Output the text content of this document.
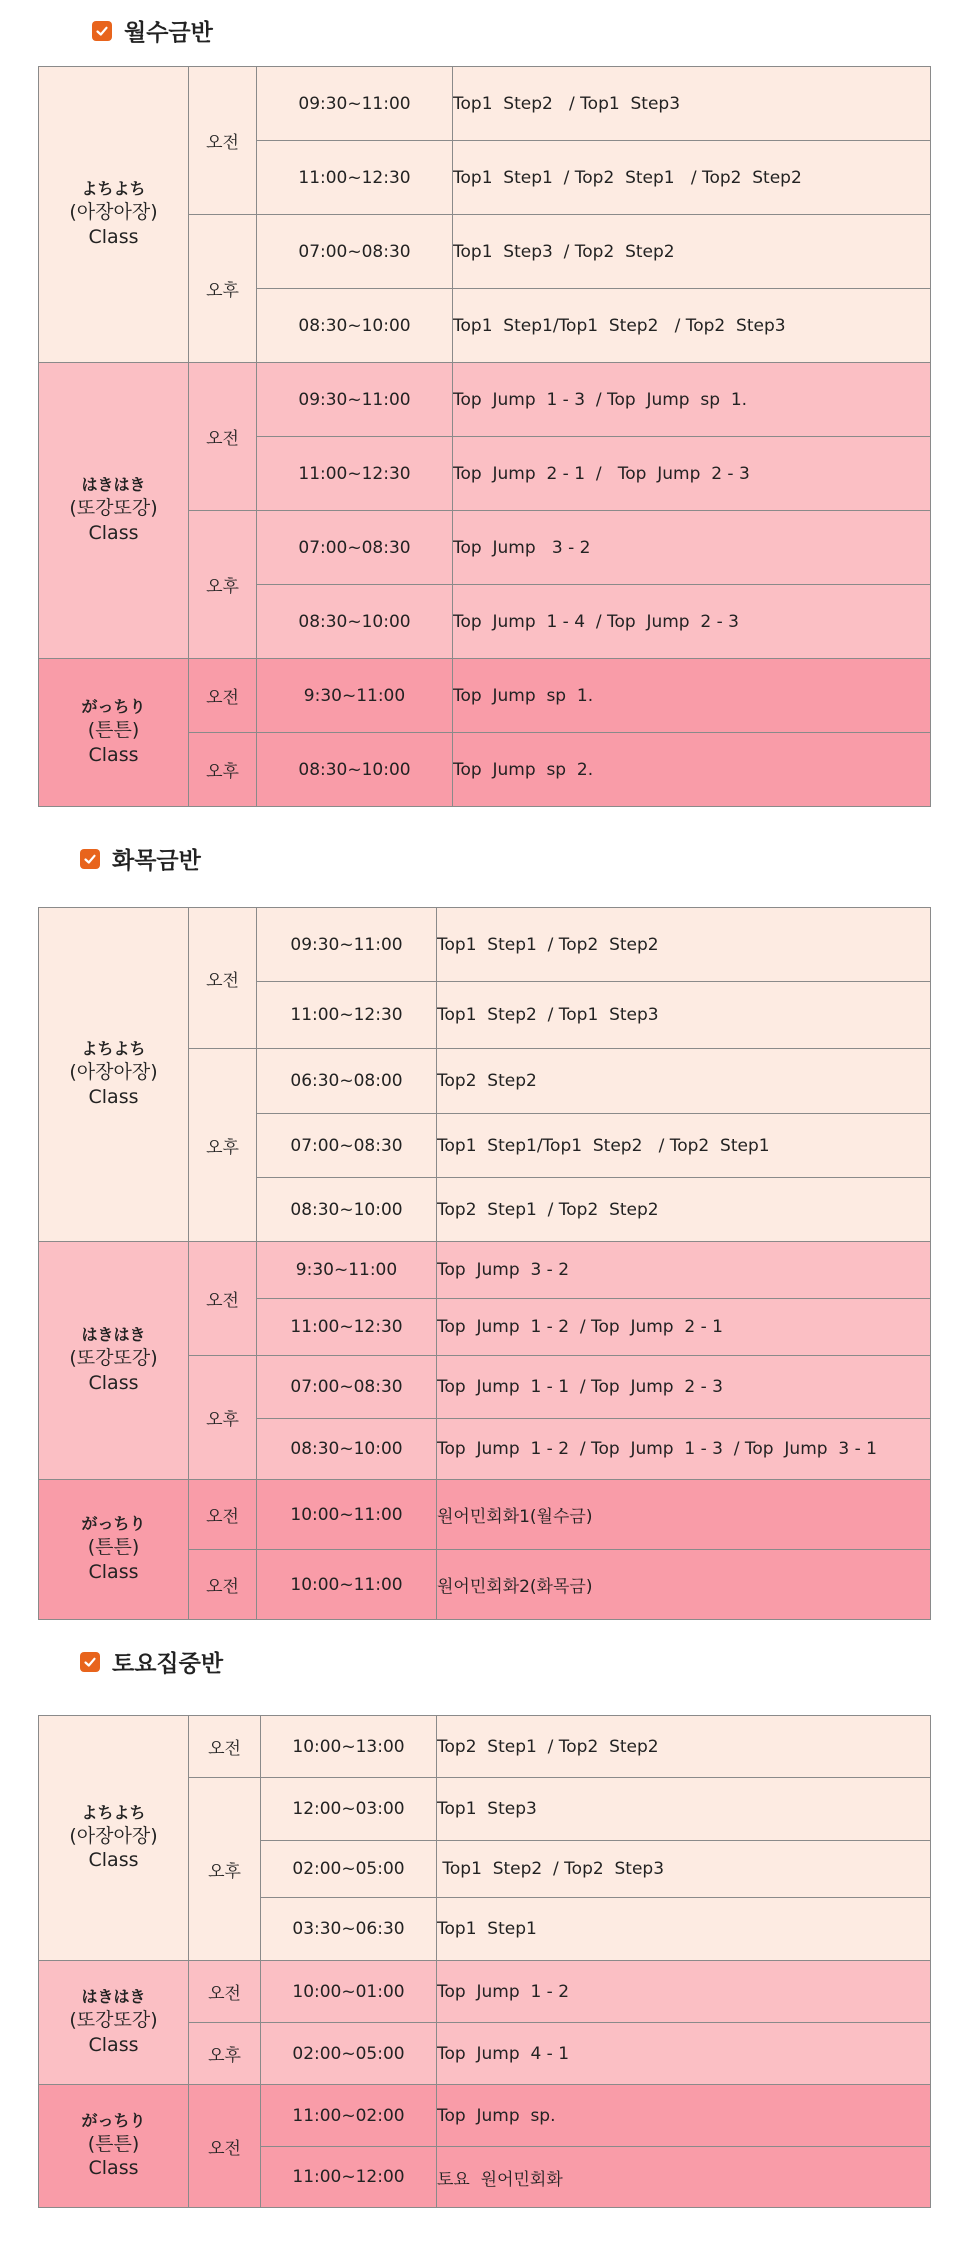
월수금반
よちよち
(아장아장)
Class	오전	09:30~11:00	Top1  Step2   / Top1  Step3
		11:00~12:30	Top1  Step1  / Top2  Step1   / Top2  Step2
	오후	07:00~08:30	Top1  Step3  / Top2  Step2
		08:30~10:00	Top1  Step1/Top1  Step2   / Top2  Step3

はきはき
(또강또강)
Class	오전	09:30~11:00	Top  Jump  1 - 3  / Top  Jump  sp  1.
		11:00~12:30	Top  Jump  2 - 1  /   Top  Jump  2 - 3
	오후	07:00~08:30	Top  Jump   3 - 2
		08:30~10:00	Top  Jump  1 - 4  / Top  Jump  2 - 3

がっちり
(튼튼)
Class	오전	9:30~11:00	Top  Jump  sp  1.
	오후	08:30~10:00	Top  Jump  sp  2.
화목금반
よちよち
(아장아장)
Class	오전	09:30~11:00	Top1  Step1  / Top2  Step2
		11:00~12:30	Top1  Step2  / Top1  Step3
	오후	06:30~08:00	Top2  Step2
		07:00~08:30	Top1  Step1/Top1  Step2   / Top2  Step1
		08:30~10:00	Top2  Step1  / Top2  Step2

はきはき
(또강또강)
Class	오전	9:30~11:00	Top  Jump  3 - 2
		11:00~12:30	Top  Jump  1 - 2  / Top  Jump  2 - 1
	오후	07:00~08:30	Top  Jump  1 - 1  / Top  Jump  2 - 3
		08:30~10:00	Top  Jump  1 - 2  / Top  Jump  1 - 3  / Top  Jump  3 - 1

がっちり
(튼튼)
Class	오전	10:00~11:00	원어민회화1(월수금)
	오전	10:00~11:00	원어민회화2(화목금)
토요집중반
よちよち
(아장아장)
Class	오전	10:00~13:00	Top2  Step1  / Top2  Step2
	오후	12:00~03:00	Top1  Step3
		02:00~05:00	Top1  Step2  / Top2  Step3
		03:30~06:30	Top1  Step1

はきはき
(또강또강)
Class	오전	10:00~01:00	Top  Jump  1 - 2
	오후	02:00~05:00	Top  Jump  4 - 1

がっちり
(튼튼)
Class	오전	11:00~02:00	Top  Jump  sp.
		11:00~12:00	토요  원어민회화
